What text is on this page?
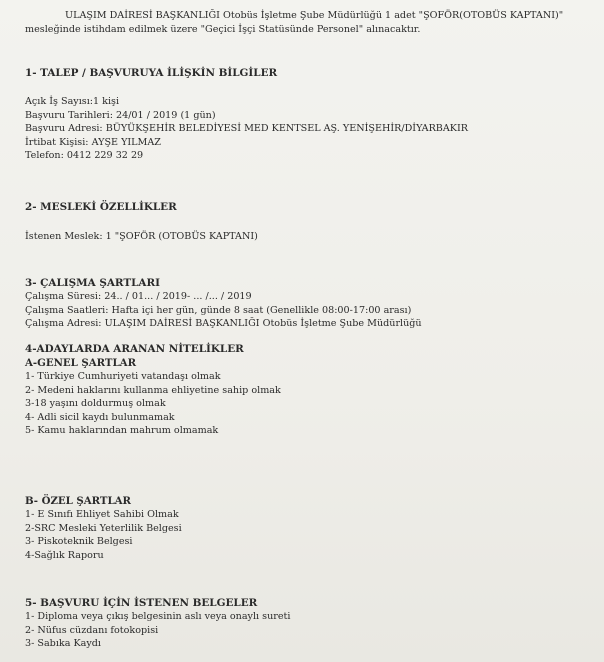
ULAŞIM DAİRESİ BAŞKANLIĞI Otobüs İşletme Şube Müdürlüğü 1 adet "ŞOFÖR(OTOBÜS KAPTANI)" mesleğinde istihdam edilmek üzere "Geçici İşçi Statüsünde Personel" alınacaktır.

1- TALEP / BAŞVURUYA İLİŞKİN BİLGİLER

Açık İş Sayısı:1 kişi

Başvuru Tarihleri: 24/01 / 2019 (1 gün)

Başvuru Adresi: BÜYÜKŞEHİR BELEDİYESİ MED KENTSEL AŞ. YENİŞEHİR/DİYARBAKIR

İrtibat Kişisi: AYŞE YILMAZ

Telefon: 0412 229 32 29

2- MESLEKİ ÖZELLİKLER

İstenen Meslek: 1 "ŞOFÖR (OTOBÜS KAPTANI)

3- ÇALIŞMA ŞARTLARI

Çalışma Süresi: 24.. / 01... / 2019- ... /... / 2019

Çalışma Saatleri: Hafta içi her gün, günde 8 saat (Genellikle 08:00-17:00 arası)

Çalışma Adresi: ULAŞIM DAİRESİ BAŞKANLIĞI Otobüs İşletme Şube Müdürlüğü

4-ADAYLARDA ARANAN NİTELİKLER

A-GENEL ŞARTLAR

1- Türkiye Cumhuriyeti vatandaşı olmak

2- Medeni haklarını kullanma ehliyetine sahip olmak

3-18 yaşını doldurmuş olmak

4- Adli sicil kaydı bulunmamak

5- Kamu haklarından mahrum olmamak

B- ÖZEL ŞARTLAR

1- E Sınıfı Ehliyet Sahibi Olmak

2-SRC Mesleki Yeterlilik Belgesi

3- Piskoteknik Belgesi

4-Sağlık Raporu

5- BAŞVURU İÇİN İSTENEN BELGELER

1- Diploma veya çıkış belgesinin aslı veya onaylı sureti

2- Nüfus cüzdanı fotokopisi

3- Sabıka Kaydı
